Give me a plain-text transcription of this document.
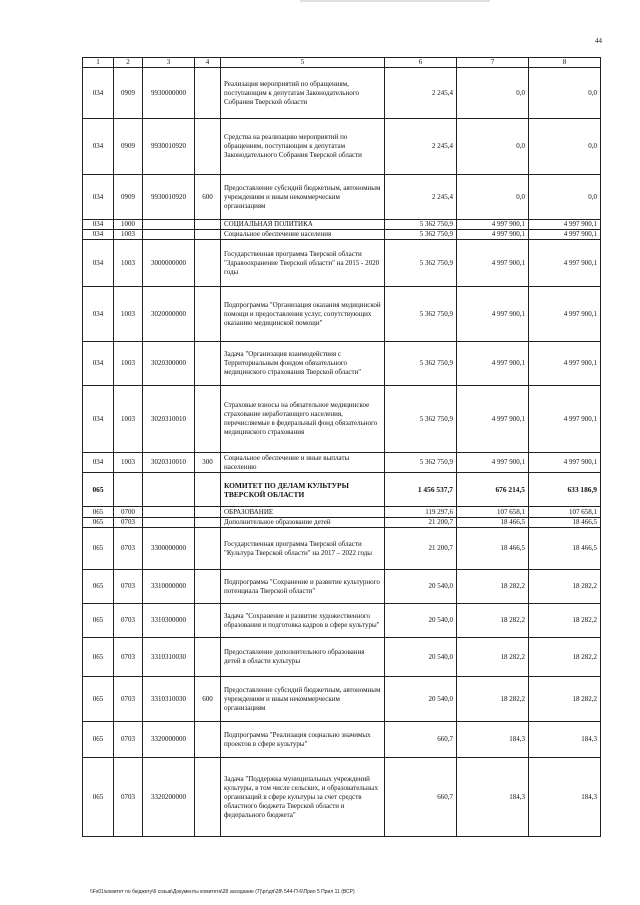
44
1	2	3	4	5	6	7	8
034	0909	9930000000		Реализация мероприятий по обращениям, поступающим к депутатам Законодательного Собрания Тверской области	2 245,4	0,0	0,0
034	0909	9930010920		Средства на реализацию мероприятий по обращениям, поступающим к депутатам Законодательного Собрания Тверской области	2 245,4	0,0	0,0
034	0909	9930010920	600	Предоставление субсидий бюджетным, автономным учреждениям и иным некоммерческим организациям	2 245,4	0,0	0,0
034	1000			СОЦИАЛЬНАЯ ПОЛИТИКА	5 362 750,9	4 997 900,1	4 997 900,1
034	1003			Социальное обеспечение населения	5 362 750,9	4 997 900,1	4 997 900,1
034	1003	3000000000		Государственная программа Тверской области "Здравоохранение Тверской области" на 2015 - 2020 годы	5 362 750,9	4 997 900,1	4 997 900,1
034	1003	3020000000		Подпрограмма "Организация оказания медицинской помощи и предоставления услуг, сопутствующих оказанию медицинской помощи"	5 362 750,9	4 997 900,1	4 997 900,1
034	1003	3020300000		Задача "Организация взаимодействия с Территориальным фондом обязательного медицинского страхования Тверской области"	5 362 750,9	4 997 900,1	4 997 900,1
034	1003	3020310010		Страховые взносы на обязательное медицинское страхование неработающего населения, перечисляемые в федеральный фонд обязательного медицинского страхования	5 362 750,9	4 997 900,1	4 997 900,1
034	1003	3020310010	300	Социальное обеспечение и иные выплаты населению	5 362 750,9	4 997 900,1	4 997 900,1
065				КОМИТЕТ ПО ДЕЛАМ КУЛЬТУРЫ ТВЕРСКОЙ ОБЛАСТИ	1 456 537,7	676 214,5	633 186,9
065	0700			ОБРАЗОВАНИЕ	119 297,6	107 658,1	107 658,1
065	0703			Дополнительное образование детей	21 200,7	18 466,5	18 466,5
065	0703	3300000000		Государственная программа Тверской области "Культура Тверской области" на 2017 – 2022 годы	21 200,7	18 466,5	18 466,5
065	0703	3310000000		Подпрограмма "Сохранение и развитие культурного потенциала Тверской области"	20 540,0	18 282,2	18 282,2
065	0703	3310300000		Задача "Сохранение и развитие художественного образования и подготовка кадров в сфере культуры"	20 540,0	18 282,2	18 282,2
065	0703	3310310030		Предоставление дополнительного образования детей в области культуры	20 540,0	18 282,2	18 282,2
065	0703	3310310030	600	Предоставление субсидий бюджетным, автономным учреждениям и иным некоммерческим организациям	20 540,0	18 282,2	18 282,2
065	0703	3320000000		Подпрограмма "Реализация социально значимых проектов в сфере культуры"	660,7	184,3	184,3
065	0703	3320200000		Задача "Поддержка муниципальных учреждений культуры, в том числе сельских, и образовательных организаций в сфере культуры за счет средств областного бюджета Тверской области и федерального бюджета"	660,7	184,3	184,3
\\Fs01\комитет по бюджету\6 созыв\Документы комитета\28 заседание (7)\рг\дп\28\ 544-П-6\Прил 5 Прил 11 (ВСР)
